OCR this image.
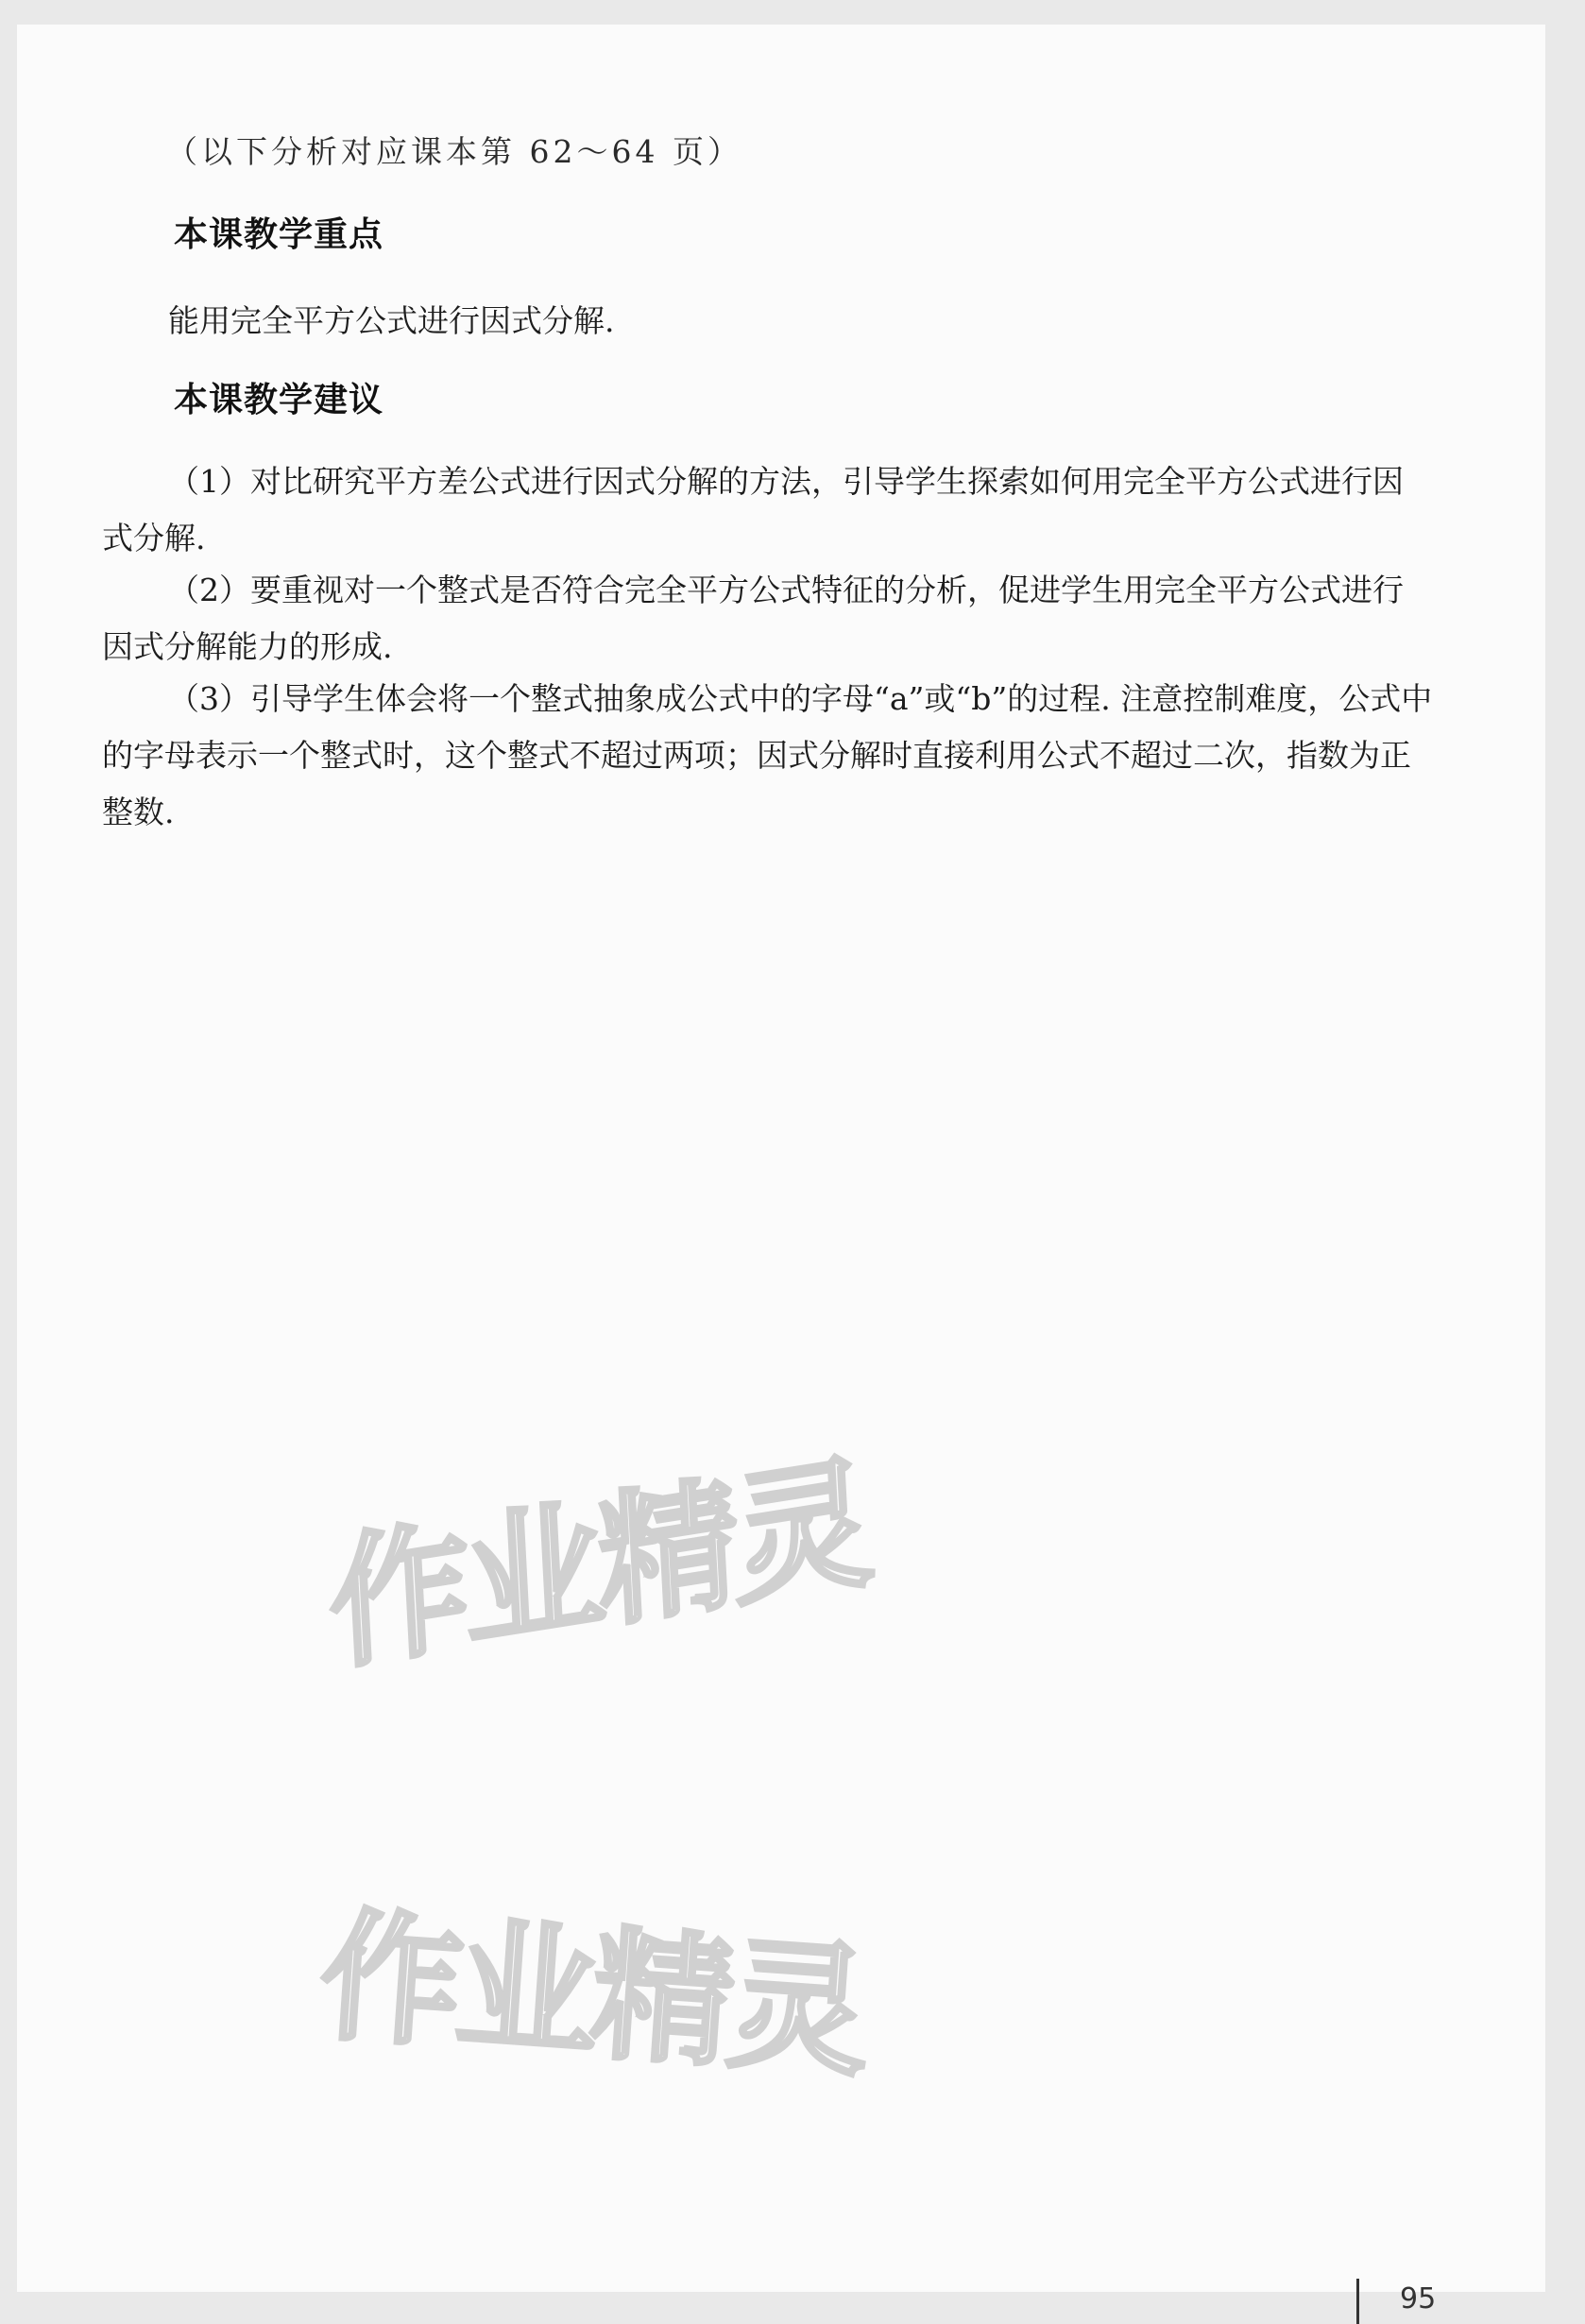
（以下分析对应课本第 62～64 页）
本课教学重点
能用完全平方公式进行因式分解.
本课教学建议
（1）对比研究平方差公式进行因式分解的方法，引导学生探索如何用完全平方公式进行因式分解.
（2）要重视对一个整式是否符合完全平方公式特征的分析，促进学生用完全平方公式进行因式分解能力的形成.
（3）引导学生体会将一个整式抽象成公式中的字母“a”或“b”的过程. 注意控制难度，公式中的字母表示一个整式时，这个整式不超过两项；因式分解时直接利用公式不超过二次，指数为正整数.
作业精灵
作业精灵
95
